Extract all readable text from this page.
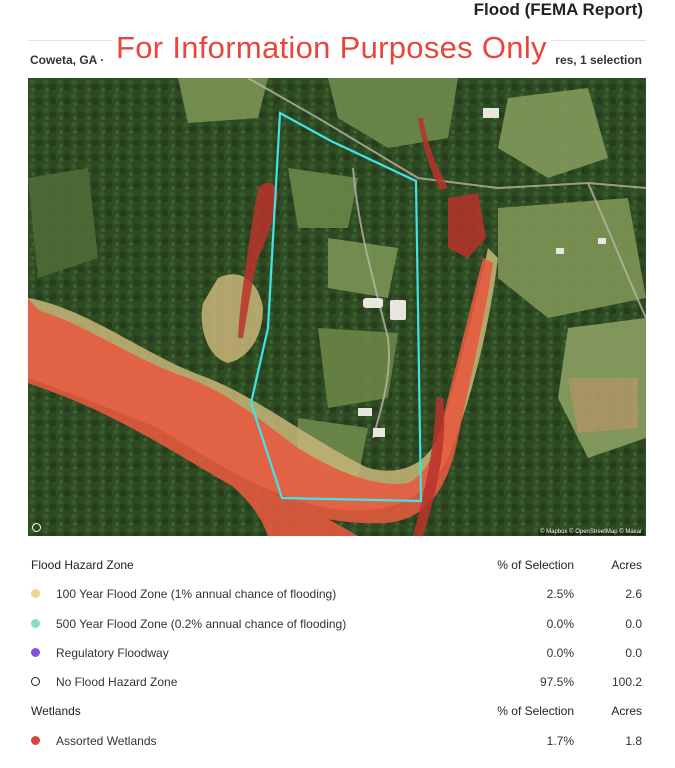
Flood (FEMA Report)
Coweta, GA ·	res, 1 selection
For Information Purposes Only
© Mapbox © OpenStreetMap © Maxar
Flood Hazard Zone	% of Selection	Acres
100 Year Flood Zone (1% annual chance of flooding)	2.5%	2.6
500 Year Flood Zone (0.2% annual chance of flooding)	0.0%	0.0
Regulatory Floodway	0.0%	0.0
No Flood Hazard Zone	97.5%	100.2
Wetlands	% of Selection	Acres
Assorted Wetlands	1.7%	1.8
